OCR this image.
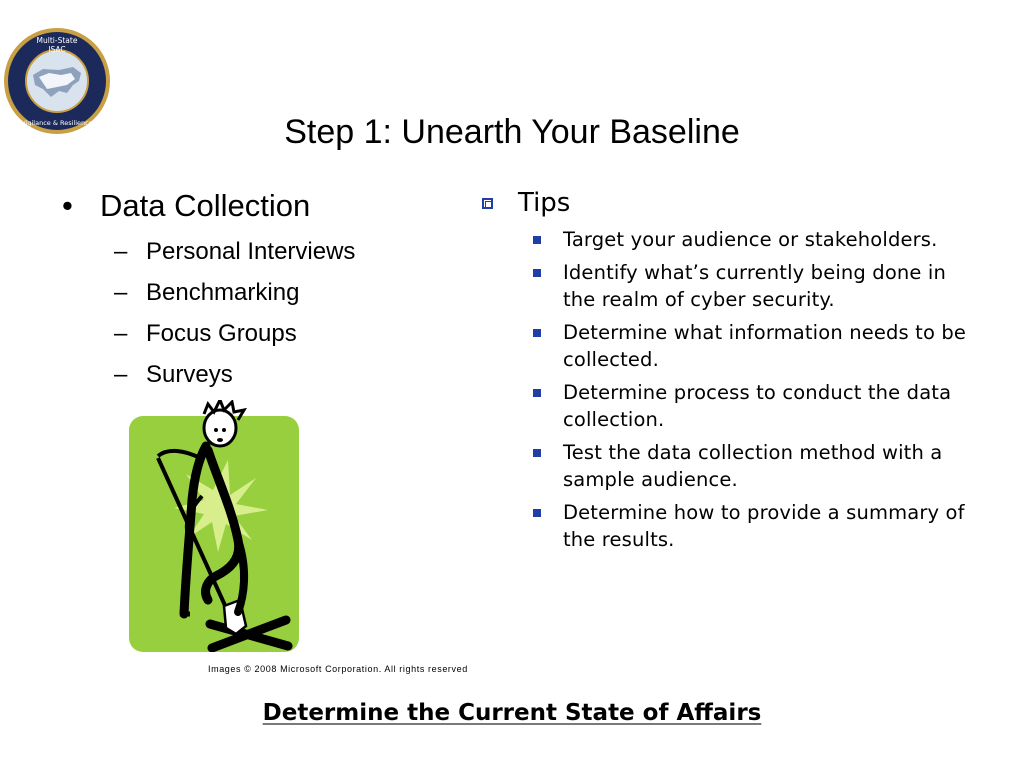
Multi-State
ISAC
Vigilance & Resilience	Step 1: Unearth Your Baseline
• Data Collection
– Personal Interviews
– Benchmarking
– Focus Groups
– Surveys
Tips
Target your audience or stakeholders.
Identify what’s currently being done in the realm of cyber security.
Determine what information needs to be collected.
Determine process to conduct the data collection.
Test the data collection method with a sample audience.
Determine how to provide a summary of the results.
Images © 2008 Microsoft Corporation. All rights reserved
Determine the Current State of Affairs
